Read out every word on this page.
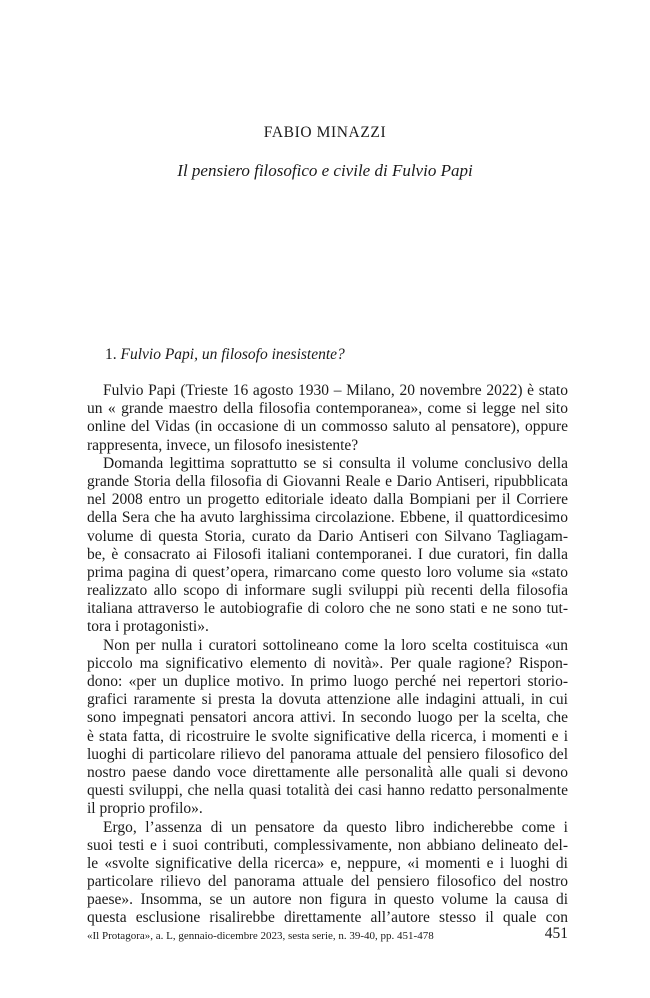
FABIO MINAZZI
Il pensiero filosofico e civile di Fulvio Papi
1. Fulvio Papi, un filosofo inesistente?
Fulvio Papi (Trieste 16 agosto 1930 – Milano, 20 novembre 2022) è stato
un « grande maestro della filosofia contemporanea», come si legge nel sito
online del Vidas (in occasione di un commosso saluto al pensatore), oppure
rappresenta, invece, un filosofo inesistente?
Domanda legittima soprattutto se si consulta il volume conclusivo della
grande Storia della filosofia di Giovanni Reale e Dario Antiseri, ripubblicata
nel 2008 entro un progetto editoriale ideato dalla Bompiani per il Corriere
della Sera che ha avuto larghissima circolazione. Ebbene, il quattordicesimo
volume di questa Storia, curato da Dario Antiseri con Silvano Tagliagam-
be, è consacrato ai Filosofi italiani contemporanei. I due curatori, fin dalla
prima pagina di quest’opera, rimarcano come questo loro volume sia «stato
realizzato allo scopo di informare sugli sviluppi più recenti della filosofia
italiana attraverso le autobiografie di coloro che ne sono stati e ne sono tut-
tora i protagonisti».
Non per nulla i curatori sottolineano come la loro scelta costituisca «un
piccolo ma significativo elemento di novità». Per quale ragione? Rispon-
dono: «per un duplice motivo. In primo luogo perché nei repertori storio-
grafici raramente si presta la dovuta attenzione alle indagini attuali, in cui
sono impegnati pensatori ancora attivi. In secondo luogo per la scelta, che
è stata fatta, di ricostruire le svolte significative della ricerca, i momenti e i
luoghi di particolare rilievo del panorama attuale del pensiero filosofico del
nostro paese dando voce direttamente alle personalità alle quali si devono
questi sviluppi, che nella quasi totalità dei casi hanno redatto personalmente
il proprio profilo».
Ergo, l’assenza di un pensatore da questo libro indicherebbe come i
suoi testi e i suoi contributi, complessivamente, non abbiano delineato del-
le «svolte significative della ricerca» e, neppure, «i momenti e i luoghi di
particolare rilievo del panorama attuale del pensiero filosofico del nostro
paese». Insomma, se un autore non figura in questo volume la causa di
questa esclusione risalirebbe direttamente all’autore stesso il quale con
«Il Protagora», a. L, gennaio-dicembre 2023, sesta serie, n. 39-40, pp. 451-478	451
